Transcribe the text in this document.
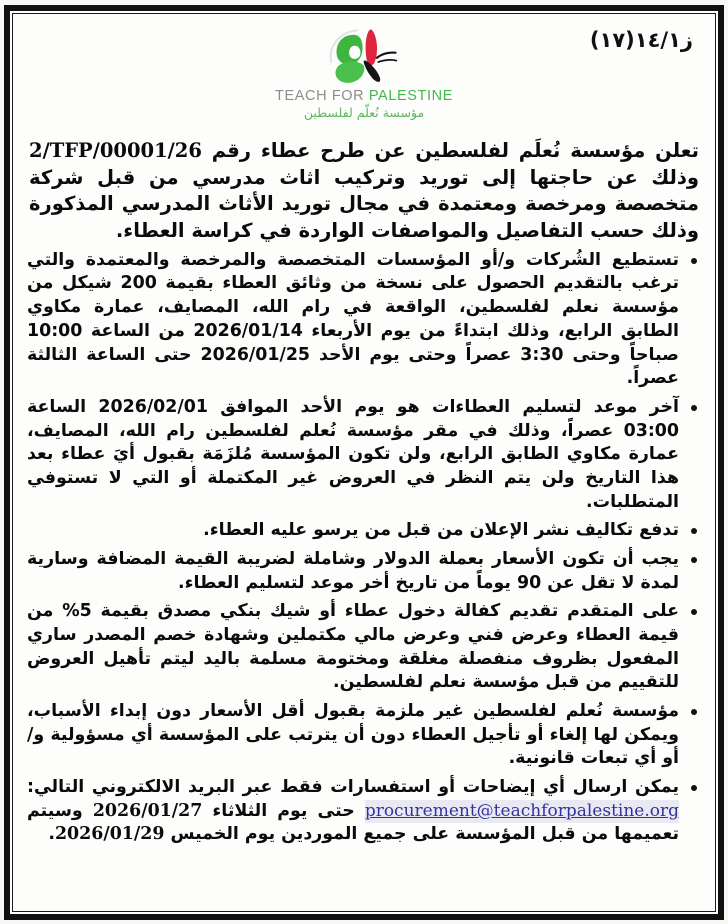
ز١٤/١(١٧)
TEACH FOR PALESTINE
مؤسسة نُعلّم لفلسطين

تعلن مؤسسة نُعلَم لفلسطين عن طرح عطاء رقم 2/TFP/00001/26 وذلك عن حاجتها إلى توريد وتركيب اثاث مدرسي من قبل شركة متخصصة ومرخصة ومعتمدة في مجال توريد الأثاث المدرسي المذكورة وذلك حسب التفاصيل والمواصفات الواردة في كراسة العطاء.

تستطيع الشُركات و/أو المؤسسات المتخصصة والمرخصة والمعتمدة والتي ترغب بالتقديم الحصول على نسخة من وثائق العطاء بقيمة 200 شيكل من مؤسسة نعلم لفلسطين، الواقعة في رام الله، المصايف، عمارة مكاوي الطابق الرابع، وذلك ابتداءً من يوم الأربعاء 2026/01/14 من الساعة 10:00 صباحاً وحتى 3:30 عصراً وحتى يوم الأحد 2026/01/25 حتى الساعة الثالثة عصراً.
آخر موعد لتسليم العطاءات هو يوم الأحد الموافق 2026/02/01 الساعة 03:00 عصراً، وذلك في مقر مؤسسة نُعلم لفلسطين رام الله، المصايف، عمارة مكاوي الطابق الرابع، ولن تكون المؤسسة مُلزَمَة بقبول أيَ عطاء بعد هذا التاريخ ولن يتم النظر في العروض غير المكتملة أو التي لا تستوفي المتطلبات.
تدفع تكاليف نشر الإعلان من قبل من يرسو عليه العطاء.
يجب أن تكون الأسعار بعملة الدولار وشاملة لضريبة القيمة المضافة وسارية لمدة لا تقل عن 90 يوماً من تاريخ أخر موعد لتسليم العطاء.
على المتقدم تقديم كفالة دخول عطاء أو شيك بنكي مصدق بقيمة 5% من قيمة العطاء وعرض فني وعرض مالي مكتملين وشهادة خصم المصدر ساري المفعول بظروف منفصلة مغلقة ومختومة مسلمة باليد ليتم تأهيل العروض للتقييم من قبل مؤسسة نعلم لفلسطين.
مؤسسة نُعلم لفلسطين غير ملزمة بقبول أقل الأسعار دون إبداء الأسباب، ويمكن لها إلغاء أو تأجيل العطاء دون أن يترتب على المؤسسة أي مسؤولية و/ أو أي تبعات قانونية.
يمكن ارسال أي إيضاحات أو استفسارات فقط عبر البريد الالكتروني التالي: procurement@teachforpalestine.org حتى يوم الثلاثاء 2026/01/27 وسيتم تعميمها من قبل المؤسسة على جميع الموردين يوم الخميس 2026/01/29.
